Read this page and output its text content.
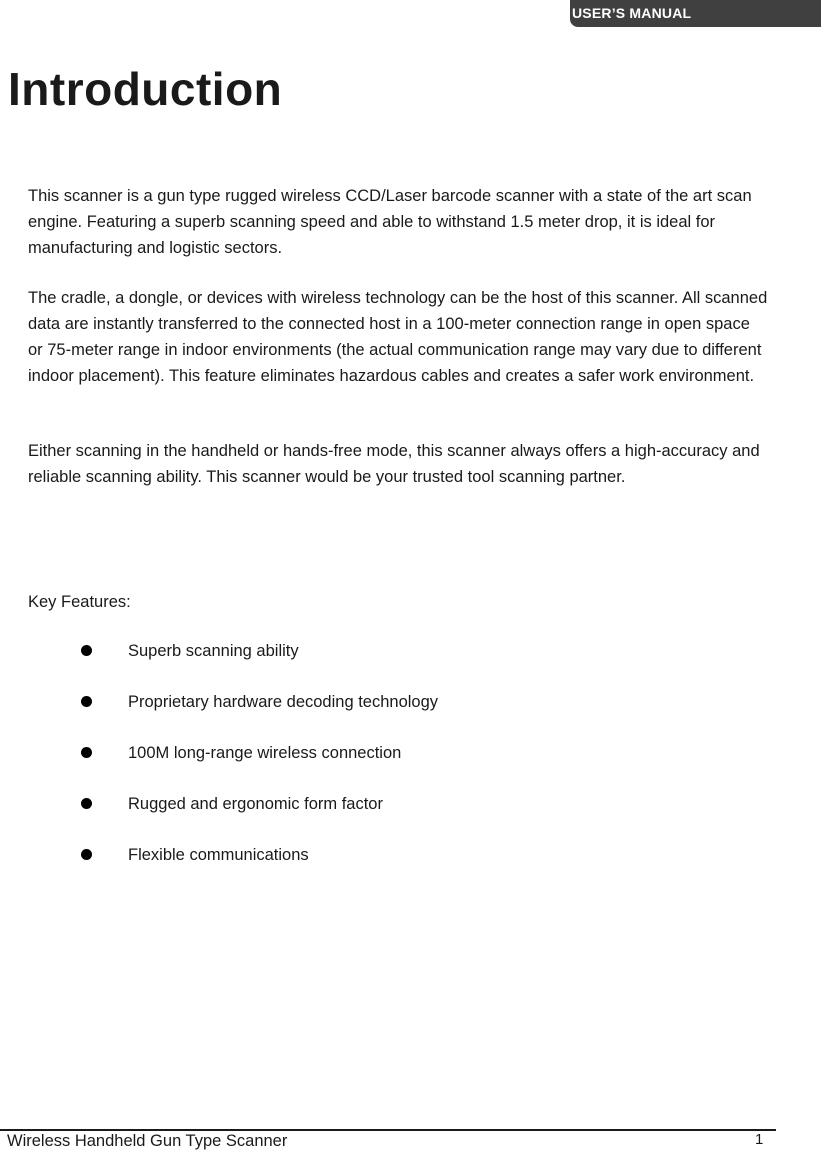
USER’S MANUAL
Introduction

This scanner is a gun type rugged wireless CCD/Laser barcode scanner with a state of the art scan engine. Featuring a superb scanning speed and able to withstand 1.5 meter drop, it is ideal for manufacturing and logistic sectors.

The cradle, a dongle, or devices with wireless technology can be the host of this scanner. All scanned data are instantly transferred to the connected host in a 100-meter connection range in open space or 75-meter range in indoor environments (the actual communication range may vary due to different indoor placement). This feature eliminates hazardous cables and creates a safer work environment.

Either scanning in the handheld or hands-free mode, this scanner always offers a high-accuracy and reliable scanning ability. This scanner would be your trusted tool scanning partner.

Key Features:

Superb scanning ability
Proprietary hardware decoding technology
100M long-range wireless connection
Rugged and ergonomic form factor
Flexible communications
Wireless Handheld Gun Type Scanner	1
